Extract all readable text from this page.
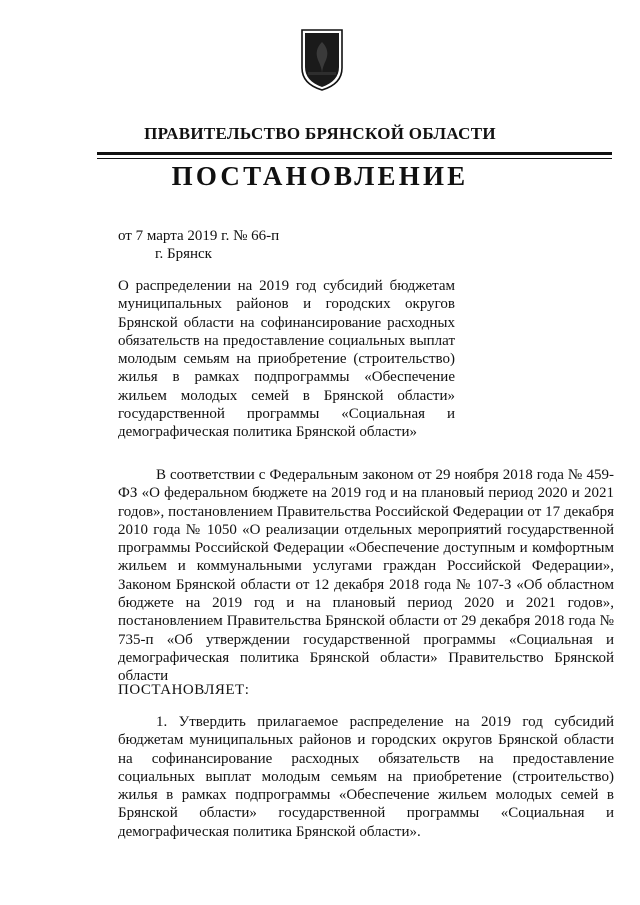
ПРАВИТЕЛЬСТВО БРЯНСКОЙ ОБЛАСТИ
ПОСТАНОВЛЕНИЕ
от 7 марта 2019 г. № 66-п
г. Брянск
О распределении на 2019 год субсидий бюджетам муниципальных районов и городских округов Брянской области на софинансирование расходных обязательств на предоставление социальных выплат молодым семьям на приобретение (строительство) жилья в рамках подпрограммы «Обеспечение жильем молодых семей в Брянской области» государственной программы «Социальная и демографическая политика Брянской области»
В соответствии с Федеральным законом от 29 ноября 2018 года № 459-ФЗ «О федеральном бюджете на 2019 год и на плановый период 2020 и 2021 годов», постановлением Правительства Российской Федерации от 17 декабря 2010 года № 1050 «О реализации отдельных мероприятий государственной программы Российской Федерации «Обеспечение доступным и комфортным жильем и коммунальными услугами граждан Российской Федерации», Законом Брянской области от 12 декабря 2018 года № 107-З «Об областном бюджете на 2019 год и на плановый период 2020 и 2021 годов», постановлением Правительства Брянской области от 29 декабря 2018 года № 735-п «Об утверждении государственной программы «Социальная и демографическая политика Брянской области» Правительство Брянской области
ПОСТАНОВЛЯЕТ:
1. Утвердить прилагаемое распределение на 2019 год субсидий бюджетам муниципальных районов и городских округов Брянской области на софинансирование расходных обязательств на предоставление социальных выплат молодым семьям на приобретение (строительство) жилья в рамках подпрограммы «Обеспечение жильем молодых семей в Брянской области» государственной программы «Социальная и демографическая политика Брянской области».
